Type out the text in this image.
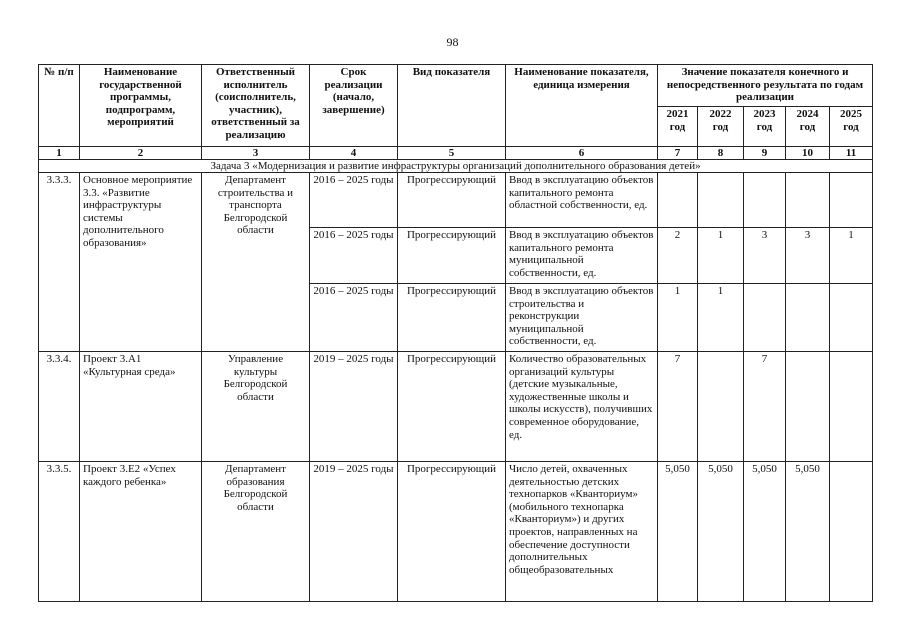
98
№ п/п	Наименование государственной программы, подпрограмм, мероприятий	Ответственный исполнитель (соисполнитель, участник), ответственный за реализацию	Срок реализации (начало, завершение)	Вид показателя	Наименование показателя, единица измерения	Значение показателя конечного и непосредственного результата по годам реализации				
						2021 год	2022 год	2023 год	2024 год	2025 год
1	2	3	4	5	6	7	8	9	10	11
Задача 3 «Модернизация и развитие инфраструктуры организаций дополнительного образования детей»										
3.3.3.	Основное мероприятие 3.3. «Развитие инфраструктуры системы дополнительного образования»	Департамент строительства и транспорта Белгородской области	2016 – 2025 годы	Прогрессирующий	Ввод в эксплуатацию объектов капитального ремонта областной собственности, ед.					
			2016 – 2025 годы	Прогрессирующий	Ввод в эксплуатацию объектов капитального ремонта муниципальной собственности, ед.	2	1	3	3	1
			2016 – 2025 годы	Прогрессирующий	Ввод в эксплуатацию объектов строительства и реконструкции муниципальной собственности, ед.	1	1			
3.3.4.	Проект 3.А1 «Культурная среда»	Управление культуры Белгородской области	2019 – 2025 годы	Прогрессирующий	Количество образовательных организаций культуры (детские музыкальные, художественные школы и школы искусств), получивших современное оборудование, ед.	7		7		
3.3.5.	Проект 3.Е2 «Успех каждого ребенка»	Департамент образования Белгородской области	2019 – 2025 годы	Прогрессирующий	Число детей, охваченных деятельностью детских технопарков «Кванториум» (мобильного технопарка «Кванториум») и других проектов, направленных на обеспечение доступности дополнительных общеобразовательных	5,050	5,050	5,050	5,050	
